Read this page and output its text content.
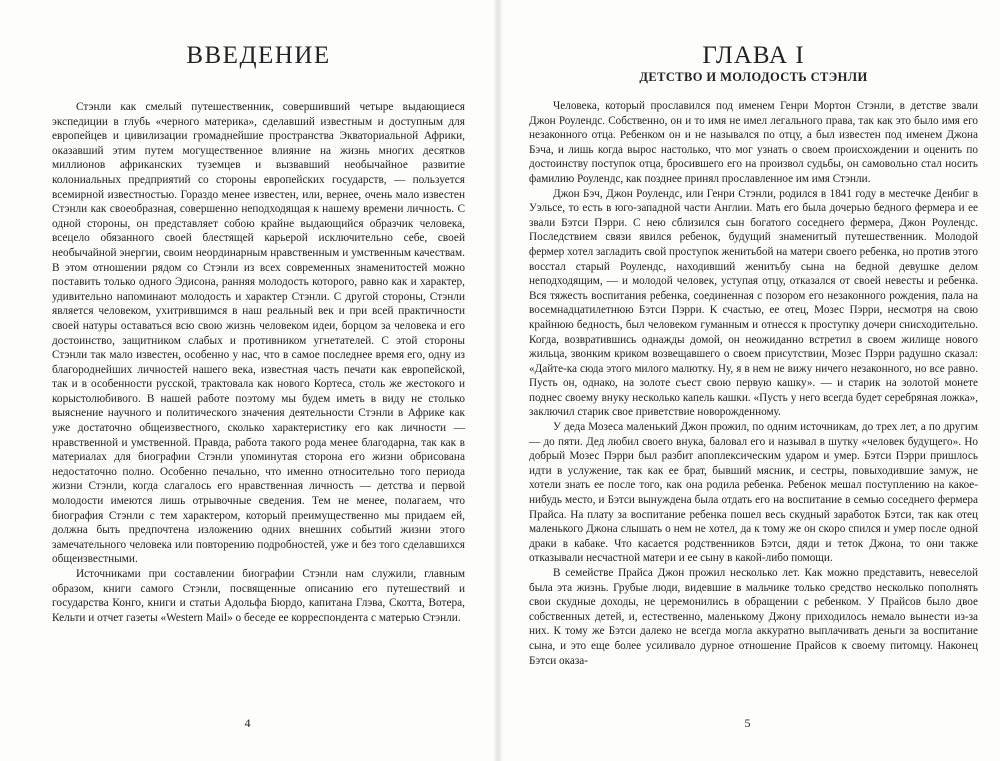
ВВЕДЕНИЕ

Стэнли как смелый путешественник, совершивший четыре выдающиеся экспедиции в глубь «черного материка», сделавший известным и доступным для европейцев и цивилизации громаднейшие пространства Экваториальной Африки, оказавший этим путем могущественное влияние на жизнь многих десятков миллионов африканских туземцев и вызвавший необычайное развитие колониальных предприятий со стороны европейских государств, — пользуется всемирной известностью. Гораздо менее известен, или, вернее, очень мало известен Стэнли как своеобразная, совершенно неподходящая к нашему времени личность. С одной стороны, он представляет собою крайне выдающийся образчик человека, всецело обязанного своей блестящей карьерой исключительно себе, своей необычайной энергии, своим неординарным нравственным и умственным качествам. В этом отношении рядом со Стэнли из всех современных знаменитостей можно поставить только одного Эдисона, ранняя молодость которого, равно как и характер, удивительно напоминают молодость и характер Стэнли. С другой стороны, Стэнли является человеком, ухитрившимся в наш реальный век и при всей практичности своей натуры оставаться всю свою жизнь человеком идеи, борцом за человека и его достоинство, защитником слабых и противником угнетателей. С этой стороны Стэнли так мало известен, особенно у нас, что в самое последнее время его, одну из благороднейших личностей нашего века, известная часть печати как европейской, так и в особенности русской, трактовала как нового Кортеса, столь же жестокого и корыстолюбивого. В нашей работе поэтому мы будем иметь в виду не столько выяснение научного и политического значения деятельности Стэнли в Африке как уже достаточно общеизвестного, сколько характеристику его как личности — нравственной и умственной. Правда, работа такого рода менее благодарна, так как в материалах для биографии Стэнли упоминутая сторона его жизни обрисована недостаточно полно. Особенно печально, что именно относительно того периода жизни Стэнли, когда слагалось его нравственная личность — детства и первой молодости имеются лишь отрывочные сведения. Тем не менее, полагаем, что биография Стэнли с тем характером, который преимущественно мы придаем ей, должна быть предпочтена изложению одних внешних событий жизни этого замечательного человека или повторению подробностей, уже и без того сделавшихся общеизвестными.

Источниками при составлении биографии Стэнли нам служили, главным образом, книги самого Стэнли, посвященные описанию его путешествий и государства Конго, книги и статьи Адольфа Бюрдо, капитана Глэва, Скотта, Вотера, Кельти и отчет газеты «Western Mail» о беседе ее корреспондента с матерью Стэнли.

4
ГЛАВА I
ДЕТСТВО И МОЛОДОСТЬ СТЭНЛИ

Человека, который прославился под именем Генри Мортон Стэнли, в детстве звали Джон Роулендс. Собственно, он и то имя не имел легального права, так как это было имя его незаконного отца. Ребенком он и не назывался по отцу, а был известен под именем Джона Бэча, и лишь когда вырос настолько, что мог узнать о своем происхождении и оценить по достоинству поступок отца, бросившего его на произвол судьбы, он самовольно стал носить фамилию Роулендс, как позднее принял прославленное им имя Стэнли.

Джон Бэч, Джон Роулендс, или Генри Стэнли, родился в 1841 году в местечке Денбиг в Уэльсе, то есть в юго-западной части Англии. Мать его была дочерью бедного фермера и ее звали Бэтси Пэрри. С нею сблизился сын богатого соседнего фермера, Джон Роулендс. Последствием связи явился ребенок, будущий знаменитый путешественник. Молодой фермер хотел загладить свой проступок женитьбой на матери своего ребенка, но против этого восстал старый Роулендс, находивший женитьбу сына на бедной девушке делом неподходящим, — и молодой человек, уступая отцу, отказался от своей невесты и ребенка. Вся тяжесть воспитания ребенка, соединенная с позором его незаконного рождения, пала на восемнадцатилетнюю Бэтси Пэрри. К счастью, ее отец, Мозес Пэрри, несмотря на свою крайнюю бедность, был человеком гуманным и отнесся к проступку дочери снисходительно. Когда, возвратившись однажды домой, он неожиданно встретил в своем жилище нового жильца, звонким криком возвещавшего о своем присутствии, Мозес Пэрри радушно сказал: «Дайте-ка сюда этого милого малютку. Ну, я в нем не вижу ничего незаконного, но все равно. Пусть он, однако, на золоте съест свою первую кашку». — и старик на золотой монете поднес своему внуку несколько капель кашки. «Пусть у него всегда будет серебряная ложка», заключил старик свое приветствие новорожденному.

У деда Мозеса маленький Джон прожил, по одним источникам, до трех лет, а по другим — до пяти. Дед любил своего внука, баловал его и называл в шутку «человек будущего». Но добрый Мозес Пэрри был разбит апоплексическим ударом и умер. Бэтси Пэрри пришлось идти в услужение, так как ее брат, бывший мясник, и сестры, повыходившие замуж, не хотели знать ее после того, как она родила ребенка. Ребенок мешал поступлению на какое-нибудь место, и Бэтси вынуждена была отдать его на воспитание в семью соседнего фермера Прайса. На плату за воспитание ребенка пошел весь скудный заработок Бэтси, так как отец маленького Джона слышать о нем не хотел, да к тому же он скоро спился и умер после одной драки в кабаке. Что касается родственников Бэтси, дяди и теток Джона, то они также отказывали несчастной матери и ее сыну в какой-либо помощи.

В семействе Прайса Джон прожил несколько лет. Как можно представить, невеселой была эта жизнь. Грубые люди, видевшие в мальчике только средство несколько пополнять свои скудные доходы, не церемонились в обращении с ребенком. У Прайсов было двое собственных детей, и, естественно, маленькому Джону приходилось немало вынести из-за них. К тому же Бэтси далеко не всегда могла аккуратно выплачивать деньги за воспитание сына, и это еще более усиливало дурное отношение Прайсов к своему питомцу. Наконец Бэтси оказа-

5
